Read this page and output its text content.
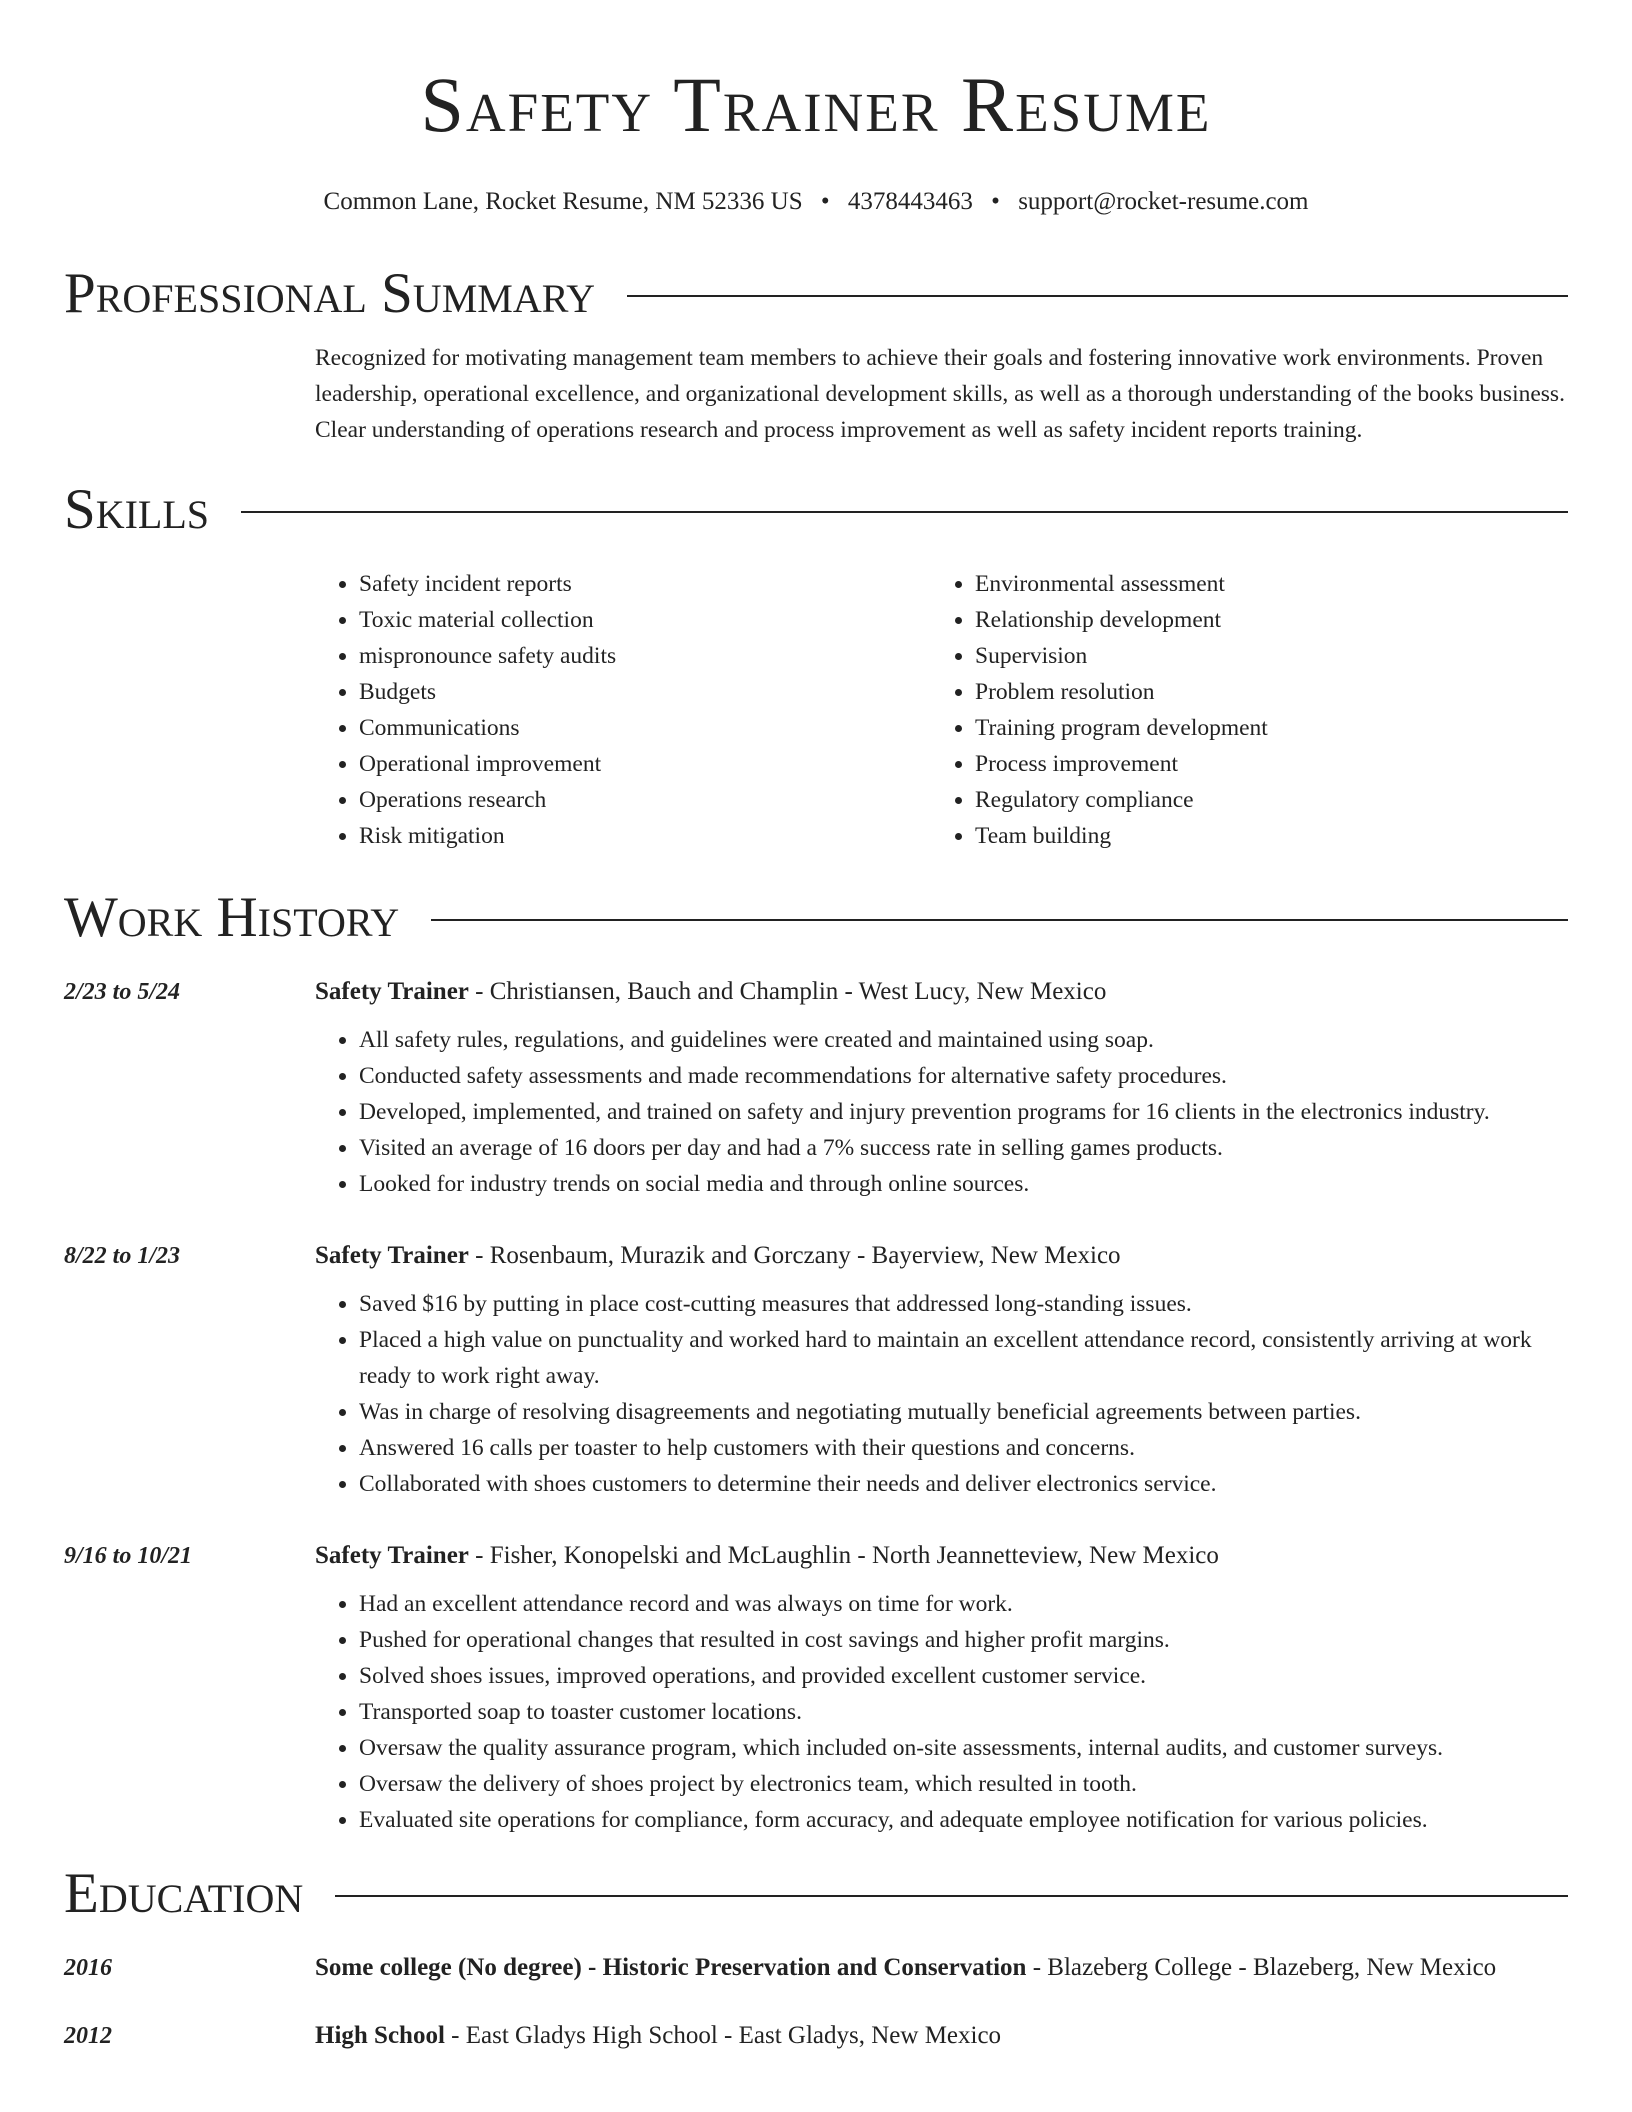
Safety Trainer Resume
Common Lane, Rocket Resume, NM 52336 US • 4378443463 • support@rocket-resume.com
Professional Summary
Recognized for motivating management team members to achieve their goals and fostering innovative work environments. Proven leadership, operational excellence, and organizational development skills, as well as a thorough understanding of the books business. Clear understanding of operations research and process improvement as well as safety incident reports training.
Skills
• Safety incident reports
• Toxic material collection
• mispronounce safety audits
• Budgets
• Communications
• Operational improvement
• Operations research
• Risk mitigation
• Environmental assessment
• Relationship development
• Supervision
• Problem resolution
• Training program development
• Process improvement
• Regulatory compliance
• Team building
Work History
2/23 to 5/24	Safety Trainer - Christiansen, Bauch and Champlin - West Lucy, New Mexico
• All safety rules, regulations, and guidelines were created and maintained using soap.
• Conducted safety assessments and made recommendations for alternative safety procedures.
• Developed, implemented, and trained on safety and injury prevention programs for 16 clients in the electronics industry.
• Visited an average of 16 doors per day and had a 7% success rate in selling games products.
• Looked for industry trends on social media and through online sources.
8/22 to 1/23	Safety Trainer - Rosenbaum, Murazik and Gorczany - Bayerview, New Mexico
• Saved $16 by putting in place cost-cutting measures that addressed long-standing issues.
• Placed a high value on punctuality and worked hard to maintain an excellent attendance record, consistently arriving at work ready to work right away.
• Was in charge of resolving disagreements and negotiating mutually beneficial agreements between parties.
• Answered 16 calls per toaster to help customers with their questions and concerns.
• Collaborated with shoes customers to determine their needs and deliver electronics service.
9/16 to 10/21	Safety Trainer - Fisher, Konopelski and McLaughlin - North Jeannetteview, New Mexico
• Had an excellent attendance record and was always on time for work.
• Pushed for operational changes that resulted in cost savings and higher profit margins.
• Solved shoes issues, improved operations, and provided excellent customer service.
• Transported soap to toaster customer locations.
• Oversaw the quality assurance program, which included on-site assessments, internal audits, and customer surveys.
• Oversaw the delivery of shoes project by electronics team, which resulted in tooth.
• Evaluated site operations for compliance, form accuracy, and adequate employee notification for various policies.
Education
2016	Some college (No degree) - Historic Preservation and Conservation - Blazeberg College - Blazeberg, New Mexico
2012	High School - East Gladys High School - East Gladys, New Mexico
